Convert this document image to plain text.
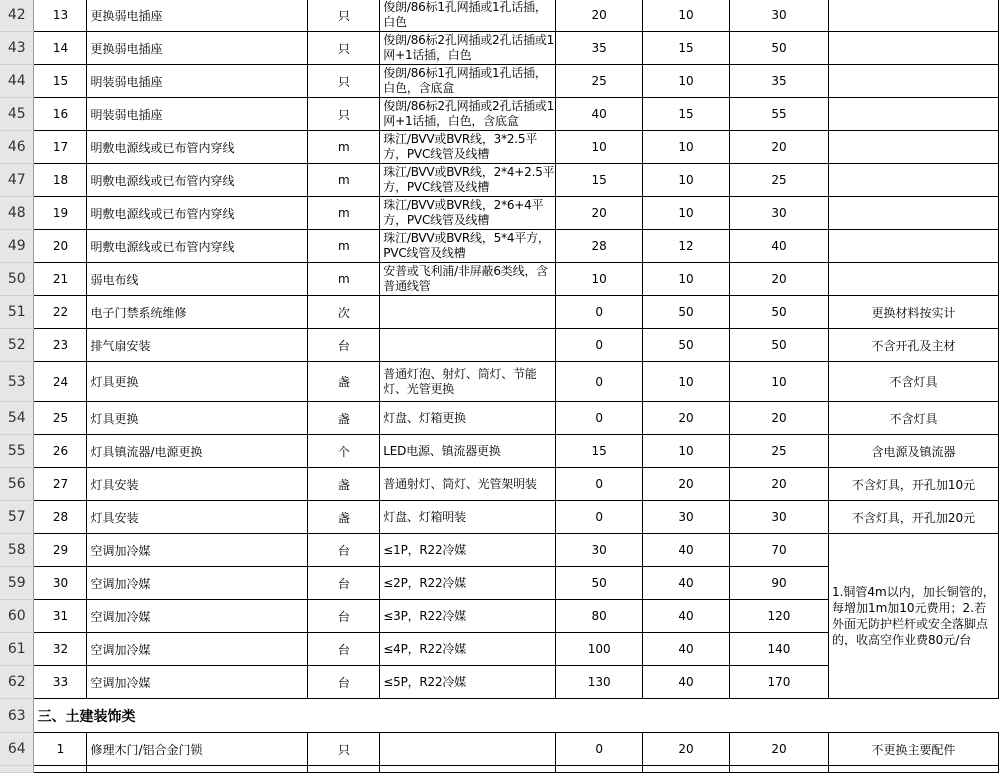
42	13	更换弱电插座	只	俊朗/86标1孔网插或1孔话插，白色	20	10	30	
43	14	更换弱电插座	只	俊朗/86标2孔网插或2孔话插或1网+1话插，白色	35	15	50	
44	15	明装弱电插座	只	俊朗/86标1孔网插或1孔话插，白色，含底盒	25	10	35	
45	16	明装弱电插座	只	俊朗/86标2孔网插或2孔话插或1网+1话插，白色，含底盒	40	15	55	
46	17	明敷电源线或已布管内穿线	m	珠江/BVV或BVR线，3*2.5平方，PVC线管及线槽	10	10	20	
47	18	明敷电源线或已布管内穿线	m	珠江/BVV或BVR线，2*4+2.5平方，PVC线管及线槽	15	10	25	
48	19	明敷电源线或已布管内穿线	m	珠江/BVV或BVR线，2*6+4平方，PVC线管及线槽	20	10	30	
49	20	明敷电源线或已布管内穿线	m	珠江/BVV或BVR线，5*4平方，PVC线管及线槽	28	12	40	
50	21	弱电布线	m	安普或飞利浦/非屏蔽6类线，含普通线管	10	10	20	
51	22	电子门禁系统维修	次		0	50	50	更换材料按实计
52	23	排气扇安装	台		0	50	50	不含开孔及主材
53	24	灯具更换	盏	普通灯泡、射灯、筒灯、节能灯、光管更换	0	10	10	不含灯具
54	25	灯具更换	盏	灯盘、灯箱更换	0	20	20	不含灯具
55	26	灯具镇流器/电源更换	个	LED电源、镇流器更换	15	10	25	含电源及镇流器
56	27	灯具安装	盏	普通射灯、筒灯、光管架明装	0	20	20	不含灯具，开孔加10元
57	28	灯具安装	盏	灯盘、灯箱明装	0	30	30	不含灯具，开孔加20元
58	29	空调加冷媒	台	≤1P，R22冷媒	30	40	70	1.铜管4m以内，加长铜管的，每增加1m加10元费用；2.若外面无防护栏杆或安全落脚点的，收高空作业费80元/台
59	30	空调加冷媒	台	≤2P，R22冷媒	50	40	90	
60	31	空调加冷媒	台	≤3P，R22冷媒	80	40	120	
61	32	空调加冷媒	台	≤4P，R22冷媒	100	40	140	
62	33	空调加冷媒	台	≤5P，R22冷媒	130	40	170	
63	三、土建装饰类							
64	1	修理木门/铝合金门锁	只		0	20	20	不更换主要配件
